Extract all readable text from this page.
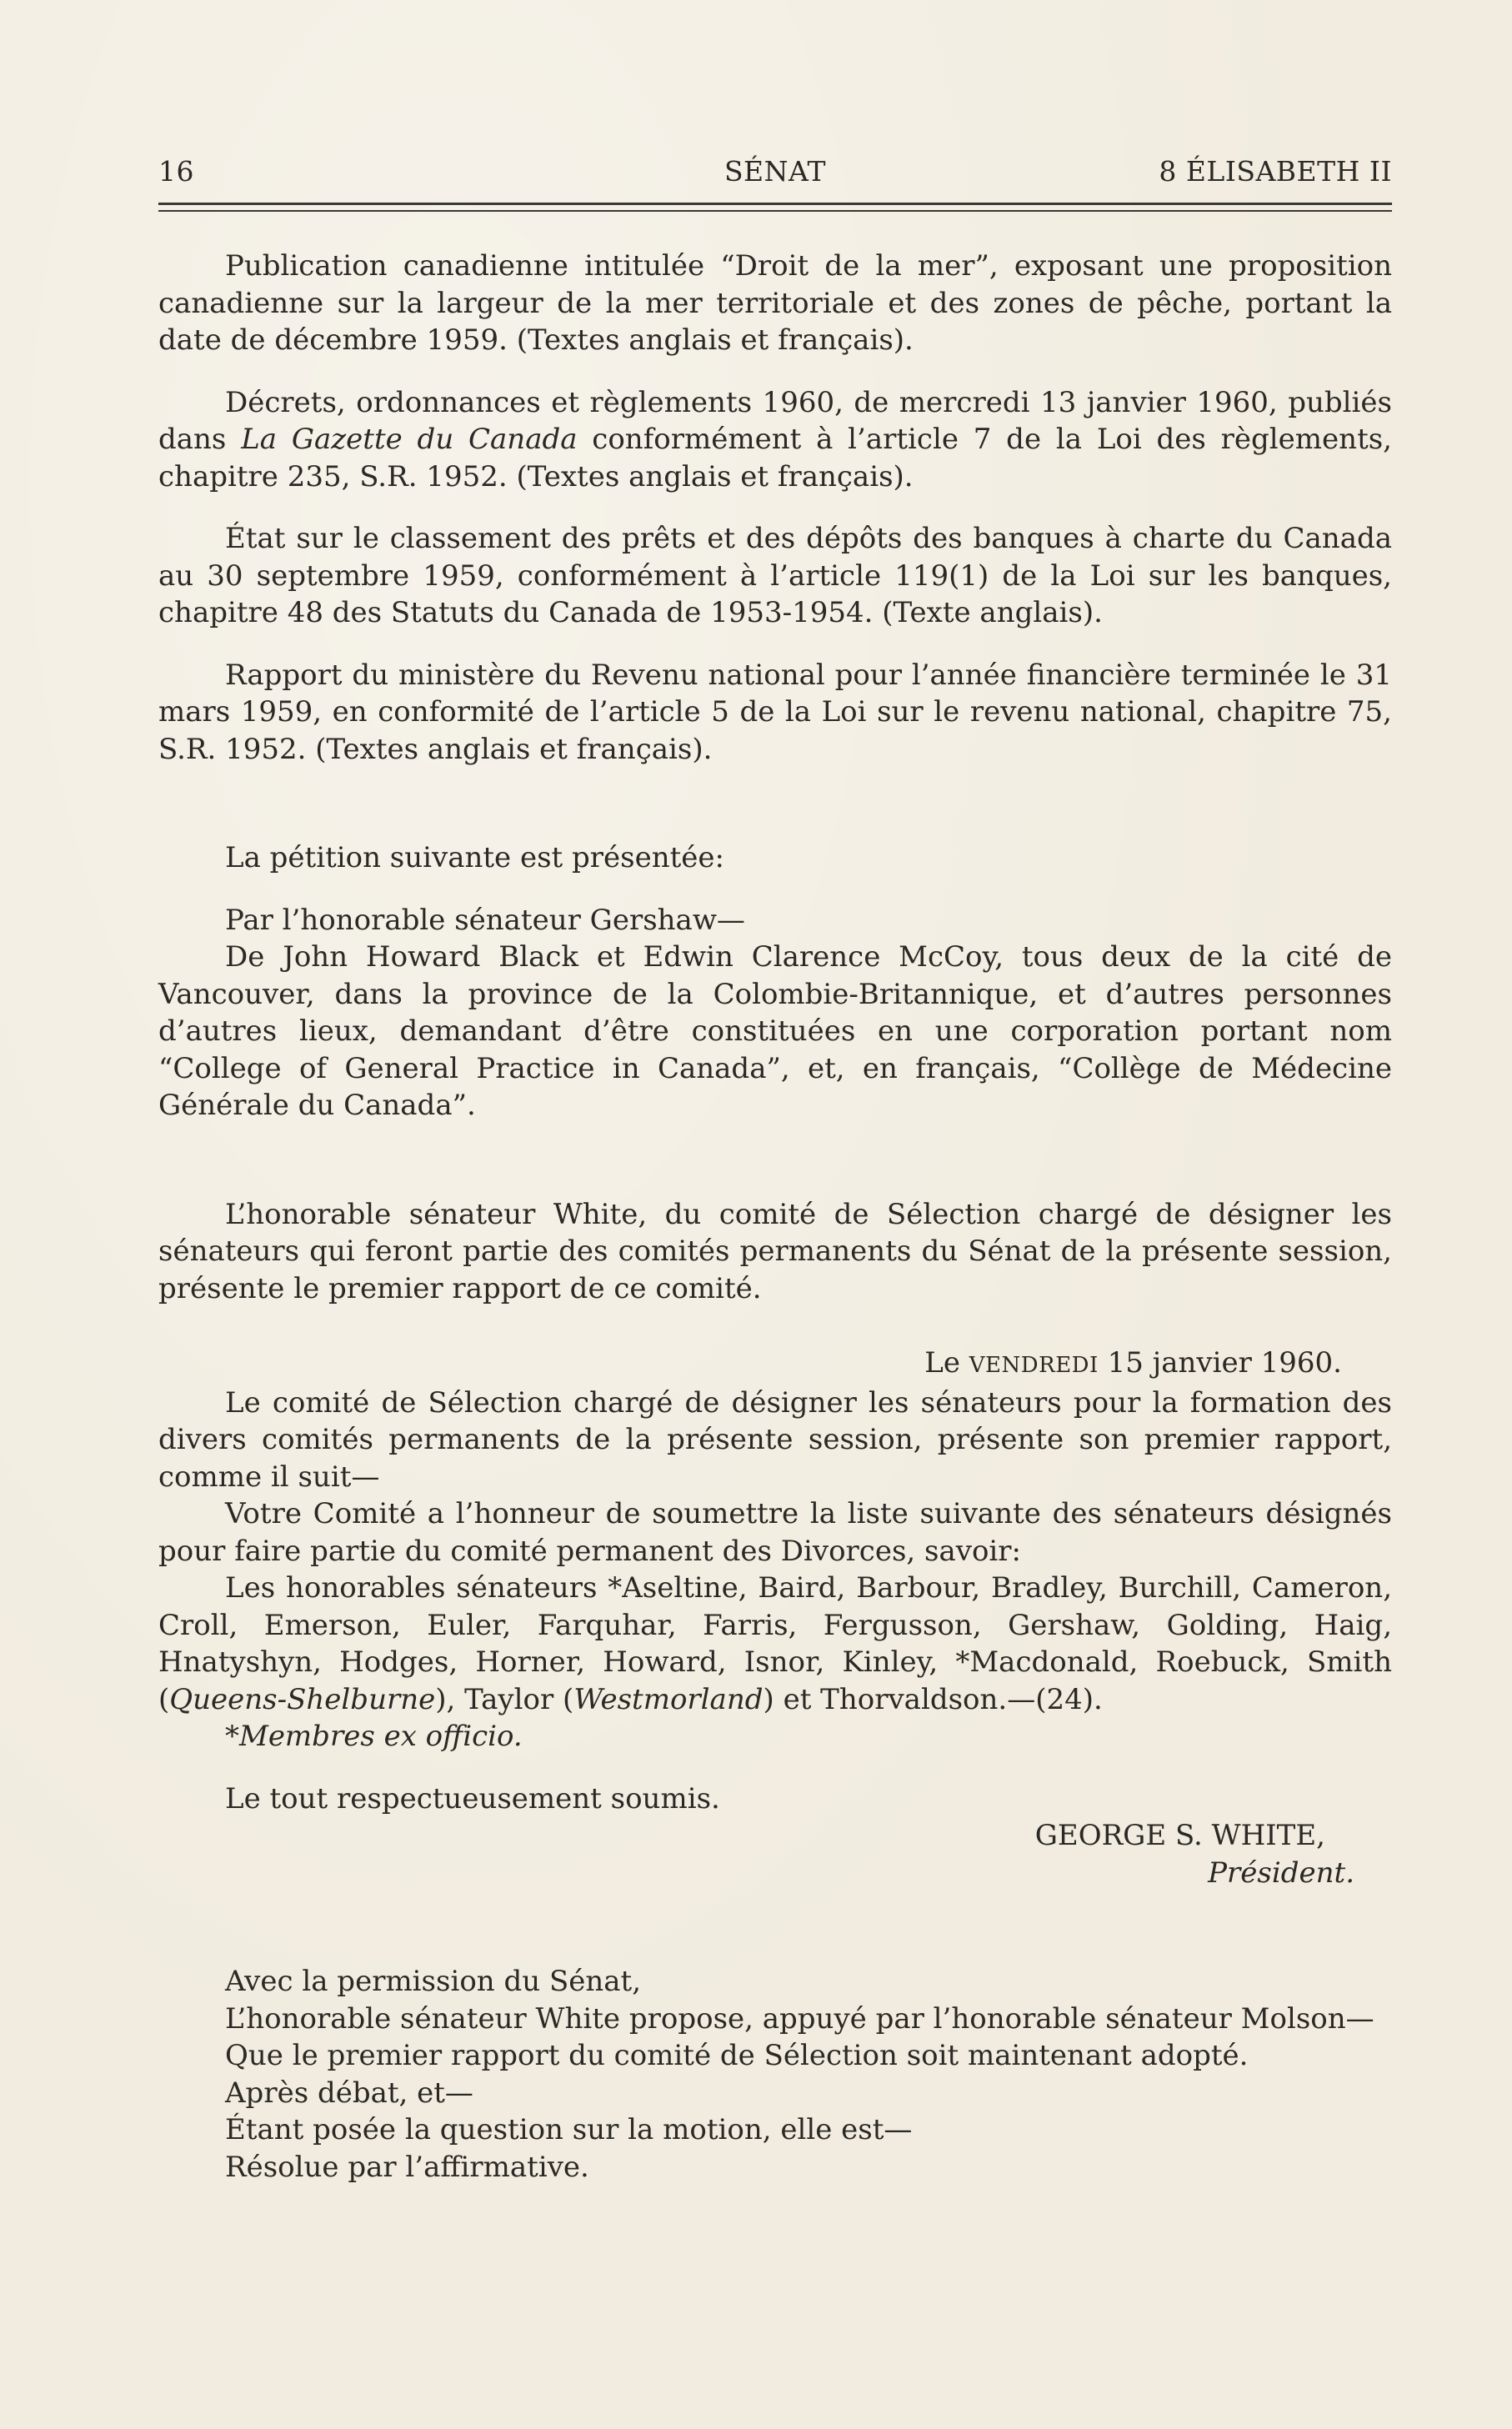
16	SÉNAT	8 ÉLISABETH II

Publication canadienne intitulée “Droit de la mer”, exposant une proposition canadienne sur la largeur de la mer territoriale et des zones de pêche, portant la date de décembre 1959. (Textes anglais et français).

Décrets, ordonnances et règlements 1960, de mercredi 13 janvier 1960, publiés dans La Gazette du Canada conformément à l’article 7 de la Loi des règlements, chapitre 235, S.R. 1952. (Textes anglais et français).

État sur le classement des prêts et des dépôts des banques à charte du Canada au 30 septembre 1959, conformément à l’article 119(1) de la Loi sur les banques, chapitre 48 des Statuts du Canada de 1953-1954. (Texte anglais).

Rapport du ministère du Revenu national pour l’année financière terminée le 31 mars 1959, en conformité de l’article 5 de la Loi sur le revenu national, chapitre 75, S.R. 1952. (Textes anglais et français).

La pétition suivante est présentée:

Par l’honorable sénateur Gershaw—

De John Howard Black et Edwin Clarence McCoy, tous deux de la cité de Vancouver, dans la province de la Colombie-Britannique, et d’autres personnes d’autres lieux, demandant d’être constituées en une corporation portant nom “College of General Practice in Canada”, et, en français, “Collège de Médecine Générale du Canada”.

L’honorable sénateur White, du comité de Sélection chargé de désigner les sénateurs qui feront partie des comités permanents du Sénat de la présente session, présente le premier rapport de ce comité.

Le VENDREDI 15 janvier 1960.

Le comité de Sélection chargé de désigner les sénateurs pour la formation des divers comités permanents de la présente session, présente son premier rapport, comme il suit—

Votre Comité a l’honneur de soumettre la liste suivante des sénateurs désignés pour faire partie du comité permanent des Divorces, savoir:

Les honorables sénateurs *Aseltine, Baird, Barbour, Bradley, Burchill, Cameron, Croll, Emerson, Euler, Farquhar, Farris, Fergusson, Gershaw, Golding, Haig, Hnatyshyn, Hodges, Horner, Howard, Isnor, Kinley, *Macdonald, Roebuck, Smith (Queens-Shelburne), Taylor (Westmorland) et Thorvaldson.—(24).

*Membres ex officio.

Le tout respectueusement soumis.

GEORGE S. WHITE,

Président.

Avec la permission du Sénat,

L’honorable sénateur White propose, appuyé par l’honorable sénateur Molson—

Que le premier rapport du comité de Sélection soit maintenant adopté.

Après débat, et—

Étant posée la question sur la motion, elle est—

Résolue par l’affirmative.
